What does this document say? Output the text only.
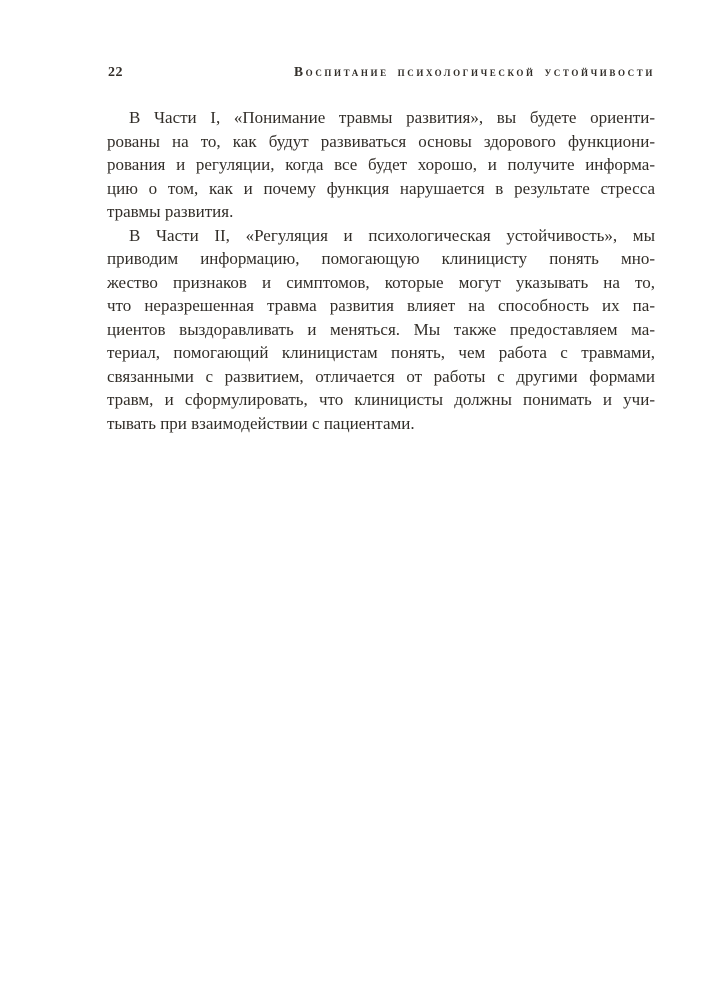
22	Воспитание психологической устойчивости
В Части I, «Понимание травмы развития», вы будете ориенти-
рованы на то, как будут развиваться основы здорового функциони-
рования и регуляции, когда все будет хорошо, и получите информа-
цию о том, как и почему функция нарушается в результате стресса
травмы развития.
В Части II, «Регуляция и психологическая устойчивость», мы
приводим информацию, помогающую клиницисту понять мно-
жество признаков и симптомов, которые могут указывать на то,
что неразрешенная травма развития влияет на способность их па-
циентов выздоравливать и меняться. Мы также предоставляем ма-
териал, помогающий клиницистам понять, чем работа с травмами,
связанными с развитием, отличается от работы с другими формами
травм, и сформулировать, что клиницисты должны понимать и учи-
тывать при взаимодействии с пациентами.
